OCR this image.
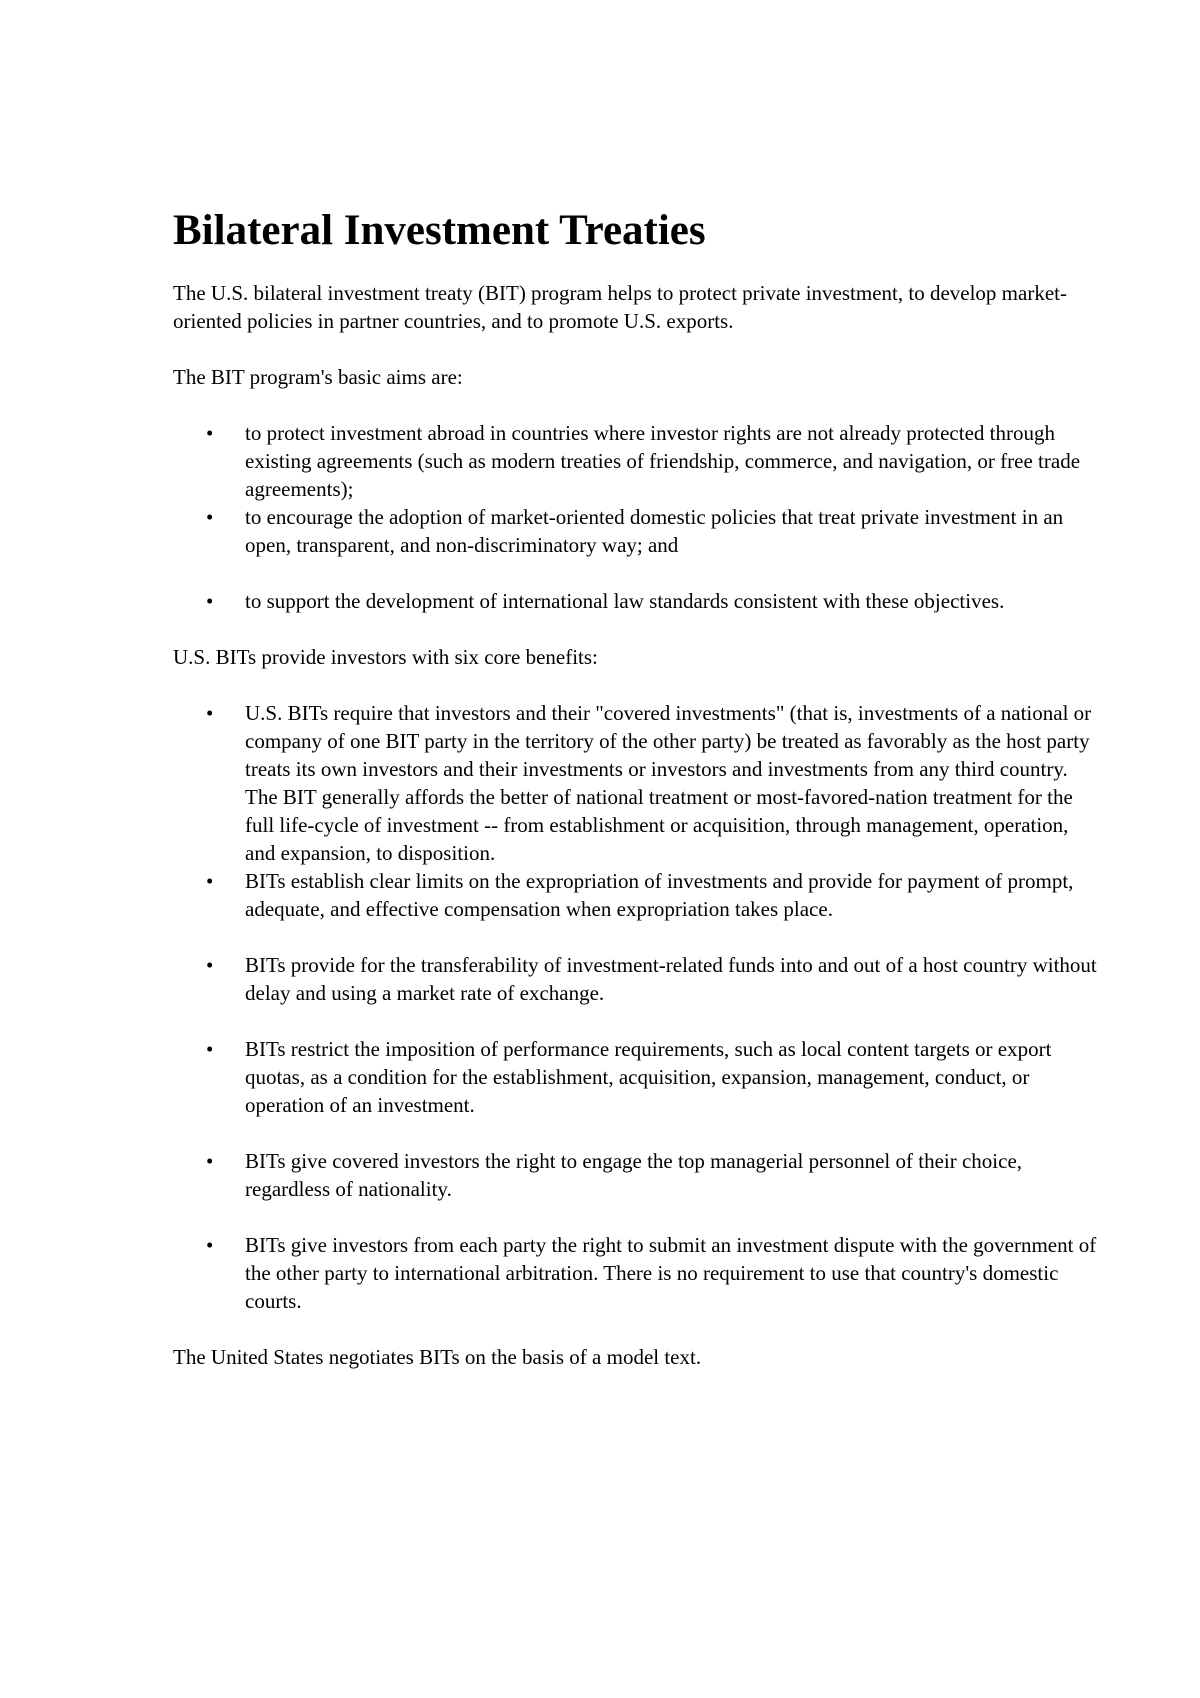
Bilateral Investment Treaties

The U.S. bilateral investment treaty (BIT) program helps to protect private investment, to develop market-oriented policies in partner countries, and to promote U.S. exports.

The BIT program's basic aims are:

• to protect investment abroad in countries where investor rights are not already protected through existing agreements (such as modern treaties of friendship, commerce, and navigation, or free trade agreements);
• to encourage the adoption of market-oriented domestic policies that treat private investment in an open, transparent, and non-discriminatory way; and
• to support the development of international law standards consistent with these objectives.

U.S. BITs provide investors with six core benefits:

• U.S. BITs require that investors and their "covered investments" (that is, investments of a national or company of one BIT party in the territory of the other party) be treated as favorably as the host party treats its own investors and their investments or investors and investments from any third country. The BIT generally affords the better of national treatment or most-favored-nation treatment for the full life-cycle of investment -- from establishment or acquisition, through management, operation, and expansion, to disposition.
• BITs establish clear limits on the expropriation of investments and provide for payment of prompt, adequate, and effective compensation when expropriation takes place.
• BITs provide for the transferability of investment-related funds into and out of a host country without delay and using a market rate of exchange.
• BITs restrict the imposition of performance requirements, such as local content targets or export quotas, as a condition for the establishment, acquisition, expansion, management, conduct, or operation of an investment.
• BITs give covered investors the right to engage the top managerial personnel of their choice, regardless of nationality.
• BITs give investors from each party the right to submit an investment dispute with the government of the other party to international arbitration. There is no requirement to use that country's domestic courts.

The United States negotiates BITs on the basis of a model text.
